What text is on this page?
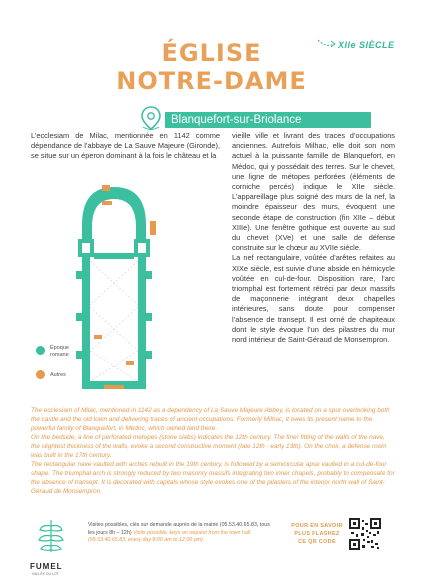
ÉGLISE
NOTRE-DAME
XIIe SIÈCLE
Blanquefort-sur-Briolance
L’ecclesiam de Milac, mentionnée en 1142 comme dépendance de l’abbaye de La Sauve Majeure (Gironde), se situe sur un éperon dominant à la fois le château et la
Époque romane
Autres

vieille ville et livrant des traces d’occupations anciennes. Autrefois Milhac, elle doit son nom actuel à la puissante famille de Blanquefort, en Médoc, qui y possédait des terres. Sur le chevet, une ligne de métopes perforées (éléments de corniche percés) indique le XIIe siècle. L’appareillage plus soigné des murs de la nef, la moindre épaisseur des murs, évoquent une seconde étape de construction (fin XIIe – début XIIIe). Une fenêtre gothique est ouverte au sud du chevet (XVe) et une salle de défense construite sur le chœur au XVIIe siècle.

La nef rectangulaire, voûtée d’arêtes refaites au XIXe siècle, est suivie d’une abside en hémicycle voûtée en cul-de-four. Disposition rare, l’arc triomphal est fortement rétréci par deux massifs de maçonnerie intégrant deux chapelles intérieures, sans doute pour compenser l’absence de transept. Il est orné de chapiteaux dont le style évoque l’un des pilastres du mur nord intérieur de Saint-Géraud de Monsempron.

The ecclesiam of Milac, mentioned in 1142 as a dependency of La Sauve Majeure Abbey, is located on a spur overlooking both the castle and the old town and delivering traces of ancient occupations. Formerly Milhac, it owes its present name to the powerful family of Blanquefort, in Médoc, which owned land there.

On the bedside, a line of perforated metopes (stone slabs) indicates the 12th century. The finer fitting of the walls of the nave, the slightest thickness of the walls, evoke a second constructive moment (late 12th - early 13th). On the choir, a defense room was built in the 17th century.

The rectangular nave vaulted with arches rebuilt in the 19th century, is followed by a semicircular apse vaulted in a cul-de-four shape. The triumphal arch is strongly reduced by two masonry massifs integrating two inner chapels, probably to compensate for the absence of transept. It is decorated with capitals whose style evokes one of the pilasters of the interior north wall of Saint-Géraud de Monsempron.

FUMEL
VALLÉE DU LOT
Visites possibles, clés sur demande auprès de la mairie (05.53.40.65.83, tous les jours 8h – 12h) Visits possible, keys on request from the town hall (05.53.40.65.83, every day 8:00 am to 12:00 pm)
POUR EN SAVOIR
PLUS FLASHEZ
CE QR CODE
